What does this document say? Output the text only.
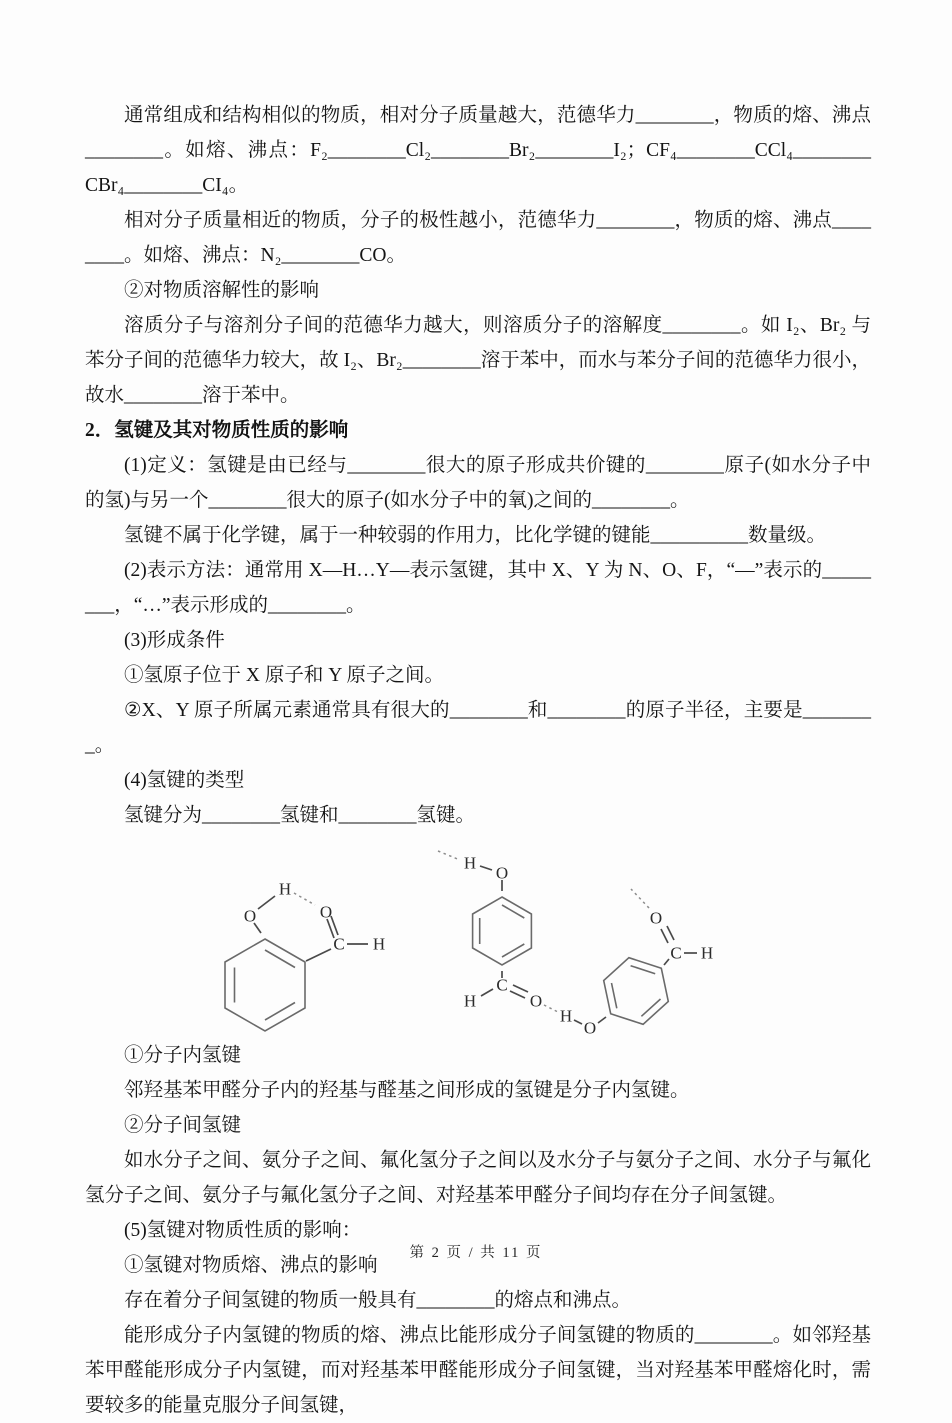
通常组成和结构相似的物质，相对分子质量越大，范德华力________，物质的熔、沸点________。如熔、沸点：F₂________Cl₂________Br₂________I₂；CF₄________CCl₄________CBr₄________CI₄。

相对分子质量相近的物质，分子的极性越小，范德华力________，物质的熔、沸点________。如熔、沸点：N₂________CO。

②对物质溶解性的影响

溶质分子与溶剂分子间的范德华力越大，则溶质分子的溶解度________。如 I₂、Br₂ 与苯分子间的范德华力较大，故 I₂、Br₂________溶于苯中，而水与苯分子间的范德华力很小，故水________溶于苯中。

2．氢键及其对物质性质的影响

(1)定义：氢键是由已经与________很大的原子形成共价键的________原子(如水分子中的氢)与另一个________很大的原子(如水分子中的氧)之间的________。

氢键不属于化学键，属于一种较弱的作用力，比化学键的键能__________数量级。

(2)表示方法：通常用 X—H…Y—表示氢键，其中 X、Y 为 N、O、F，“—”表示的________，“…”表示形成的________。

(3)形成条件

①氢原子位于 X 原子和 Y 原子之间。

②X、Y 原子所属元素通常具有很大的________和________的原子半径，主要是________。

(4)氢键的类型

氢键分为________氢键和________氢键。

O
H
O
C H
H
O
C
H	O
H
O
C H
O

①分子内氢键

邻羟基苯甲醛分子内的羟基与醛基之间形成的氢键是分子内氢键。

②分子间氢键

如水分子之间、氨分子之间、氟化氢分子之间以及水分子与氨分子之间、水分子与氟化氢分子之间、氨分子与氟化氢分子之间、对羟基苯甲醛分子间均存在分子间氢键。

(5)氢键对物质性质的影响：

①氢键对物质熔、沸点的影响

存在着分子间氢键的物质一般具有________的熔点和沸点。

能形成分子内氢键的物质的熔、沸点比能形成分子间氢键的物质的________。如邻羟基苯甲醛能形成分子内氢键，而对羟基苯甲醛能形成分子间氢键，当对羟基苯甲醛熔化时，需要较多的能量克服分子间氢键，

第 2 页 / 共 11 页
